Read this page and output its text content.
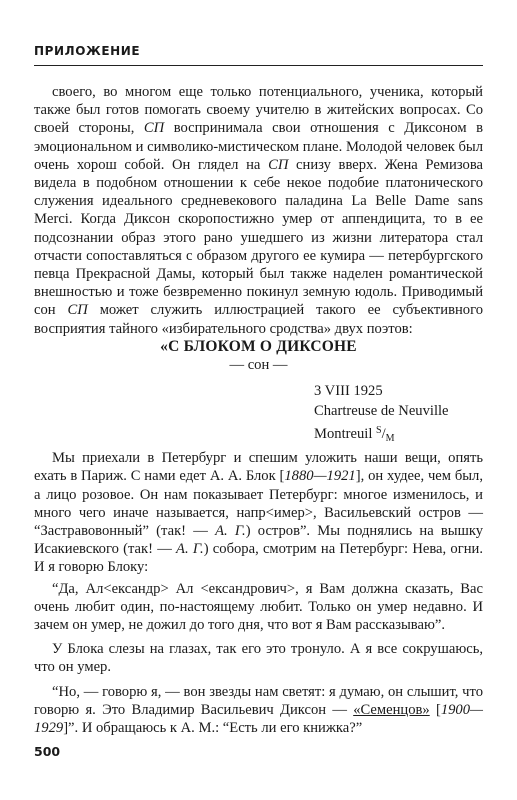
ПРИЛОЖЕНИЕ

своего, во многом еще только потенциального, ученика, который также был готов помогать своему учителю в житейских вопросах. Со своей стороны, СП воспринимала свои отношения с Диксоном в эмоциональном и символико-мистическом плане. Молодой человек был очень хорош собой. Он глядел на СП снизу вверх. Жена Ремизова видела в подобном отношении к себе некое подобие платонического служения идеального средневекового паладина La Belle Dame sans Merci. Когда Диксон скоропостижно умер от аппендицита, то в ее подсознании образ этого рано ушедшего из жизни литератора стал отчасти сопоставляться с образом другого ее кумира — петербургского певца Прекрасной Дамы, который был также наделен романтической внешностью и тоже безвременно покинул земную юдоль. Приводимый сон СП может служить иллюстрацией такого ее субъективного восприятия тайного «избирательного сродства» двух поэтов:

«С БЛОКОМ О ДИКСОНЕ

— сон —

3 VIII 1925
Chartreuse de Neuville
Montreuil $^S/_M$

Мы приехали в Петербург и спешим уложить наши вещи, опять ехать в Париж. С нами едет А. А. Блок [1880—1921], он худее, чем был, а лицо розовое. Он нам показывает Петербург: многое изменилось, и много чего иначе называется, напр<имер>, Васильевский остров — “Застравовонный” (так! — А. Г.) остров”. Мы поднялись на вышку Исакиевского (так! — А. Г.) собора, смотрим на Петербург: Нева, огни. И я говорю Блоку:

“Да, Ал<ександр> Ал <ександрович>, я Вам должна сказать, Вас очень любит один, по-настоящему любит. Только он умер недавно. И зачем он умер, не дожил до того дня, что вот я Вам рассказываю”.

У Блока слезы на глазах, так его это тронуло. А я все сокрушаюсь, что он умер.

“Но, — говорю я, — вон звезды нам светят: я думаю, он слышит, что говорю я. Это Владимир Васильевич Диксон — «Семенцов» [1900—1929]”. И обращаюсь к А. М.: “Есть ли его книжка?”

500
